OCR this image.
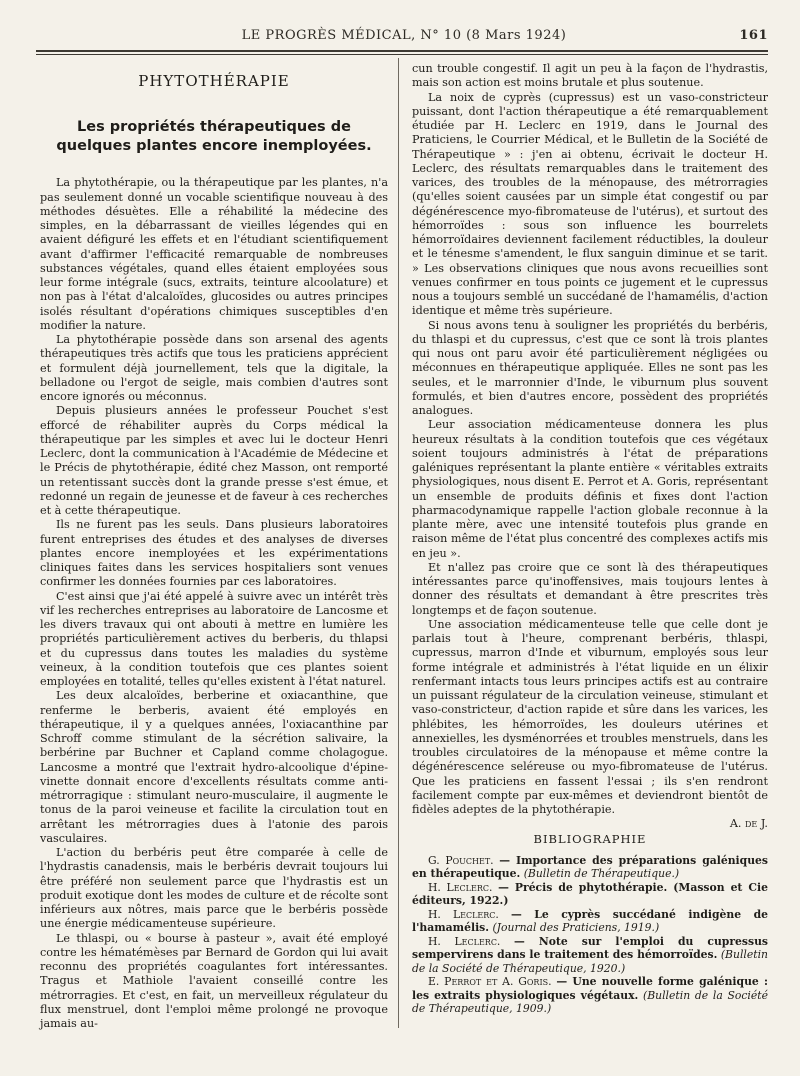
LE PROGRÈS MÉDICAL, N° 10 (8 Mars 1924)	161
PHYTOTHÉRAPIE
Les propriétés thérapeutiques de quelques plantes encore inemployées.

La phytothérapie, ou la thérapeutique par les plantes, n'a pas seulement donné un vocable scientifique nouveau à des méthodes désuètes. Elle a réhabilité la médecine des simples, en la débarrassant de vieilles légendes qui en avaient défiguré les effets et en l'étudiant scientifiquement avant d'affirmer l'efficacité remarquable de nombreuses substances végétales, quand elles étaient employées sous leur forme intégrale (sucs, extraits, teinture alcoolature) et non pas à l'état d'alcaloïdes, glucosides ou autres principes isolés résultant d'opérations chimiques susceptibles d'en modifier la nature.

La phytothérapie possède dans son arsenal des agents thérapeutiques très actifs que tous les praticiens apprécient et formulent déjà journellement, tels que la digitale, la belladone ou l'ergot de seigle, mais combien d'autres sont encore ignorés ou méconnus.

Depuis plusieurs années le professeur Pouchet s'est efforcé de réhabiliter auprès du Corps médical la thérapeutique par les simples et avec lui le docteur Henri Leclerc, dont la communication à l'Académie de Médecine et le Précis de phytothérapie, édité chez Masson, ont remporté un retentissant succès dont la grande presse s'est émue, et redonné un regain de jeunesse et de faveur à ces recherches et à cette thérapeutique.

Ils ne furent pas les seuls. Dans plusieurs laboratoires furent entreprises des études et des analyses de diverses plantes encore inemployées et les expérimentations cliniques faites dans les services hospitaliers sont venues confirmer les données fournies par ces laboratoires.

C'est ainsi que j'ai été appelé à suivre avec un intérêt très vif les recherches entreprises au laboratoire de Lancosme et les divers travaux qui ont abouti à mettre en lumière les propriétés particulièrement actives du berberis, du thlapsi et du cupressus dans toutes les maladies du système veineux, à la condition toutefois que ces plantes soient employées en totalité, telles qu'elles existent à l'état naturel.

Les deux alcaloïdes, berberine et oxiacanthine, que renferme le berberis, avaient été employés en thérapeutique, il y a quelques années, l'oxiacanthine par Schroff comme stimulant de la sécrétion salivaire, la berbérine par Buchner et Capland comme cholagogue. Lancosme a montré que l'extrait hydro-alcoolique d'épine-vinette donnait encore d'excellents résultats comme anti-métrorragique : stimulant neuro-musculaire, il augmente le tonus de la paroi veineuse et facilite la circulation tout en arrêtant les métrorragies dues à l'atonie des parois vasculaires.

L'action du berbéris peut être comparée à celle de l'hydrastis canadensis, mais le berbéris devrait toujours lui être préféré non seulement parce que l'hydrastis est un produit exotique dont les modes de culture et de récolte sont inférieurs aux nôtres, mais parce que le berbéris possède une énergie médicamenteuse supérieure.

Le thlaspi, ou « bourse à pasteur », avait été employé contre les hématémèses par Bernard de Gordon qui lui avait reconnu des propriétés coagulantes fort intéressantes. Tragus et Mathiole l'avaient conseillé contre les métrorragies. Et c'est, en fait, un merveilleux régulateur du flux menstruel, dont l'emploi même prolongé ne provoque jamais au-

cun trouble congestif. Il agit un peu à la façon de l'hydrastis, mais son action est moins brutale et plus soutenue.

La noix de cyprès (cupressus) est un vaso-constricteur puissant, dont l'action thérapeutique a été remarquablement étudiée par H. Leclerc en 1919, dans le Journal des Praticiens, le Courrier Médical, et le Bulletin de la Société de Thérapeutique » : j'en ai obtenu, écrivait le docteur H. Leclerc, des résultats remarquables dans le traitement des varices, des troubles de la ménopause, des métrorragies (qu'elles soient causées par un simple état congestif ou par dégénérescence myo-fibromateuse de l'utérus), et surtout des hémorroïdes : sous son influence les bourrelets hémorroïdaires deviennent facilement réductibles, la douleur et le ténesme s'amendent, le flux sanguin diminue et se tarit. » Les observations cliniques que nous avons recueillies sont venues confirmer en tous points ce jugement et le cupressus nous a toujours semblé un succédané de l'hamamélis, d'action identique et même très supérieure.

Si nous avons tenu à souligner les propriétés du berbéris, du thlaspi et du cupressus, c'est que ce sont là trois plantes qui nous ont paru avoir été particulièrement négligées ou méconnues en thérapeutique appliquée. Elles ne sont pas les seules, et le marronnier d'Inde, le viburnum plus souvent formulés, et bien d'autres encore, possèdent des propriétés analogues.

Leur association médicamenteuse donnera les plus heureux résultats à la condition toutefois que ces végétaux soient toujours administrés à l'état de préparations galéniques représentant la plante entière « véritables extraits physiologiques, nous disent E. Perrot et A. Goris, représentant un ensemble de produits définis et fixes dont l'action pharmacodynamique rappelle l'action globale reconnue à la plante mère, avec une intensité toutefois plus grande en raison même de l'état plus concentré des complexes actifs mis en jeu ».

Et n'allez pas croire que ce sont là des thérapeutiques intéressantes parce qu'inoffensives, mais toujours lentes à donner des résultats et demandant à être prescrites très longtemps et de façon soutenue.

Une association médicamenteuse telle que celle dont je parlais tout à l'heure, comprenant berbéris, thlaspi, cupressus, marron d'Inde et viburnum, employés sous leur forme intégrale et administrés à l'état liquide en un élixir renfermant intacts tous leurs principes actifs est au contraire un puissant régulateur de la circulation veineuse, stimulant et vaso-constricteur, d'action rapide et sûre dans les varices, les phlébites, les hémorroïdes, les douleurs utérines et annexielles, les dysménorrées et troubles menstruels, dans les troubles circulatoires de la ménopause et même contre la dégénérescence seléreuse ou myo-fibromateuse de l'utérus. Que les praticiens en fassent l'essai ; ils s'en rendront facilement compte par eux-mêmes et deviendront bientôt de fidèles adeptes de la phytothérapie.

A. de J.

BIBLIOGRAPHIE

G. Pouchet. — Importance des préparations galéniques en thérapeutique. (Bulletin de Thérapeutique.)

H. Leclerc. — Précis de phytothérapie. (Masson et Cie éditeurs, 1922.)

H. Leclerc. — Le cyprès succédané indigène de l'hamamélis. (Journal des Praticiens, 1919.)

H. Leclerc. — Note sur l'emploi du cupressus sempervirens dans le traitement des hémorroïdes. (Bulletin de la Société de Thérapeutique, 1920.)

E. Perrot et A. Goris. — Une nouvelle forme galénique : les extraits physiologiques végétaux. (Bulletin de la Société de Thérapeutique, 1909.)
